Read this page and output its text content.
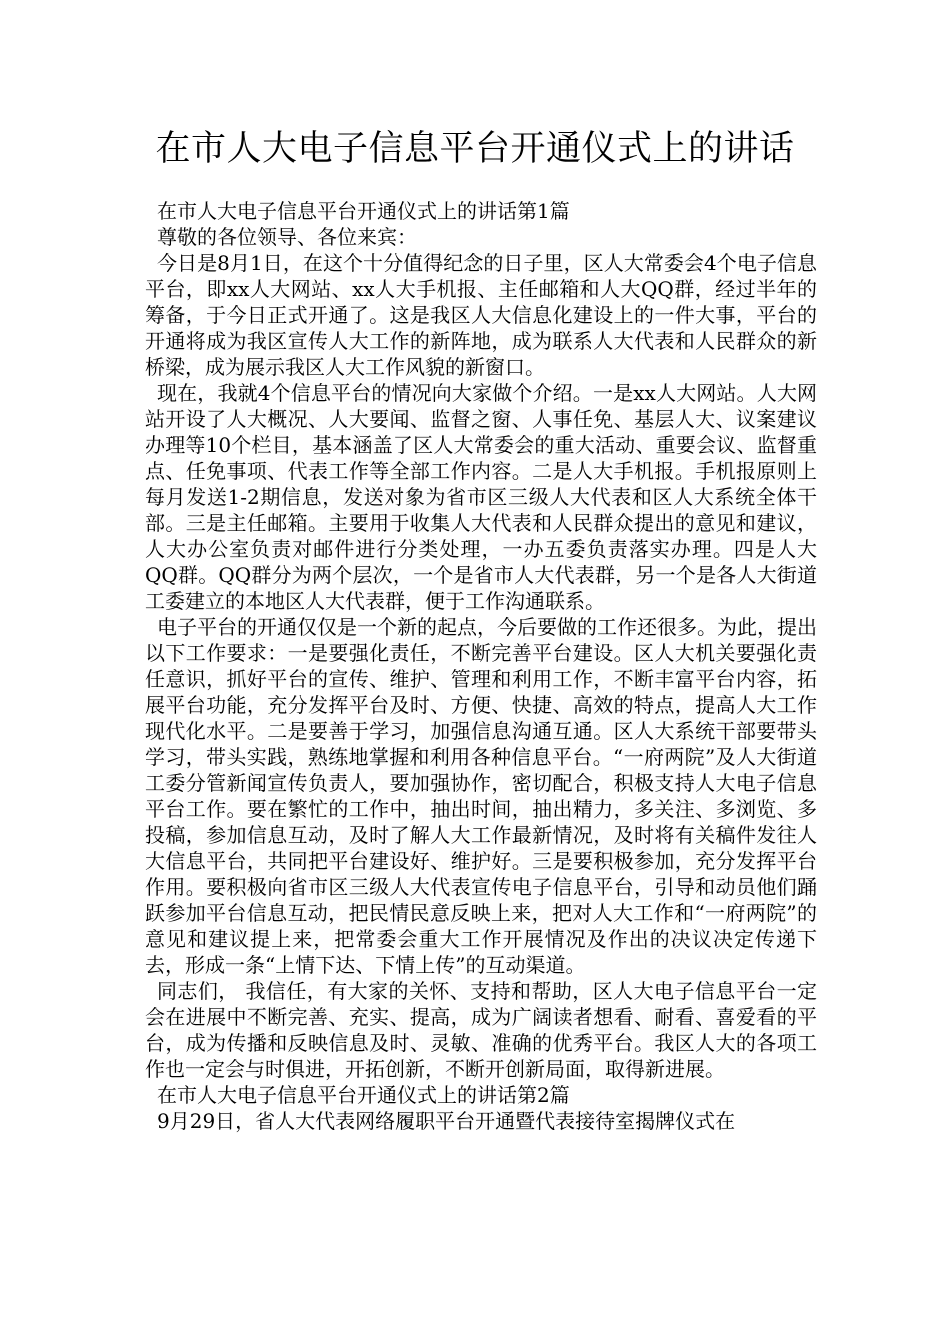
在市人大电子信息平台开通仪式上的讲话

在市人大电子信息平台开通仪式上的讲话第1篇

尊敬的各位领导、各位来宾：

今日是8月1日，在这个十分值得纪念的日子里，区人大常委会4个电子信息平台，即xx人大网站、xx人大手机报、主任邮箱和人大QQ群，经过半年的筹备，于今日正式开通了。这是我区人大信息化建设上的一件大事，平台的开通将成为我区宣传人大工作的新阵地，成为联系人大代表和人民群众的新桥梁，成为展示我区人大工作风貌的新窗口。

现在，我就4个信息平台的情况向大家做个介绍。一是xx人大网站。人大网站开设了人大概况、人大要闻、监督之窗、人事任免、基层人大、议案建议办理等10个栏目，基本涵盖了区人大常委会的重大活动、重要会议、监督重点、任免事项、代表工作等全部工作内容。二是人大手机报。手机报原则上每月发送1-2期信息，发送对象为省市区三级人大代表和区人大系统全体干部。三是主任邮箱。主要用于收集人大代表和人民群众提出的意见和建议，人大办公室负责对邮件进行分类处理，一办五委负责落实办理。四是人大QQ群。QQ群分为两个层次，一个是省市人大代表群，另一个是各人大街道工委建立的本地区人大代表群，便于工作沟通联系。

电子平台的开通仅仅是一个新的起点，今后要做的工作还很多。为此，提出以下工作要求：一是要强化责任，不断完善平台建设。区人大机关要强化责任意识，抓好平台的宣传、维护、管理和利用工作，不断丰富平台内容，拓展平台功能，充分发挥平台及时、方便、快捷、高效的特点，提高人大工作现代化水平。二是要善于学习，加强信息沟通互通。区人大系统干部要带头学习，带头实践，熟练地掌握和利用各种信息平台。“一府两院”及人大街道工委分管新闻宣传负责人，要加强协作，密切配合，积极支持人大电子信息平台工作。要在繁忙的工作中，抽出时间，抽出精力，多关注、多浏览、多投稿，参加信息互动，及时了解人大工作最新情况，及时将有关稿件发往人大信息平台，共同把平台建设好、维护好。三是要积极参加，充分发挥平台作用。要积极向省市区三级人大代表宣传电子信息平台，引导和动员他们踊跃参加平台信息互动，把民情民意反映上来，把对人大工作和“一府两院”的意见和建议提上来，把常委会重大工作开展情况及作出的决议决定传递下去，形成一条“上情下达、下情上传”的互动渠道。

同志们， 我信任，有大家的关怀、支持和帮助，区人大电子信息平台一定会在进展中不断完善、充实、提高，成为广阔读者想看、耐看、喜爱看的平台，成为传播和反映信息及时、灵敏、准确的优秀平台。我区人大的各项工作也一定会与时俱进，开拓创新，不断开创新局面，取得新进展。

在市人大电子信息平台开通仪式上的讲话第2篇

9月29日，省人大代表网络履职平台开通暨代表接待室揭牌仪式在
